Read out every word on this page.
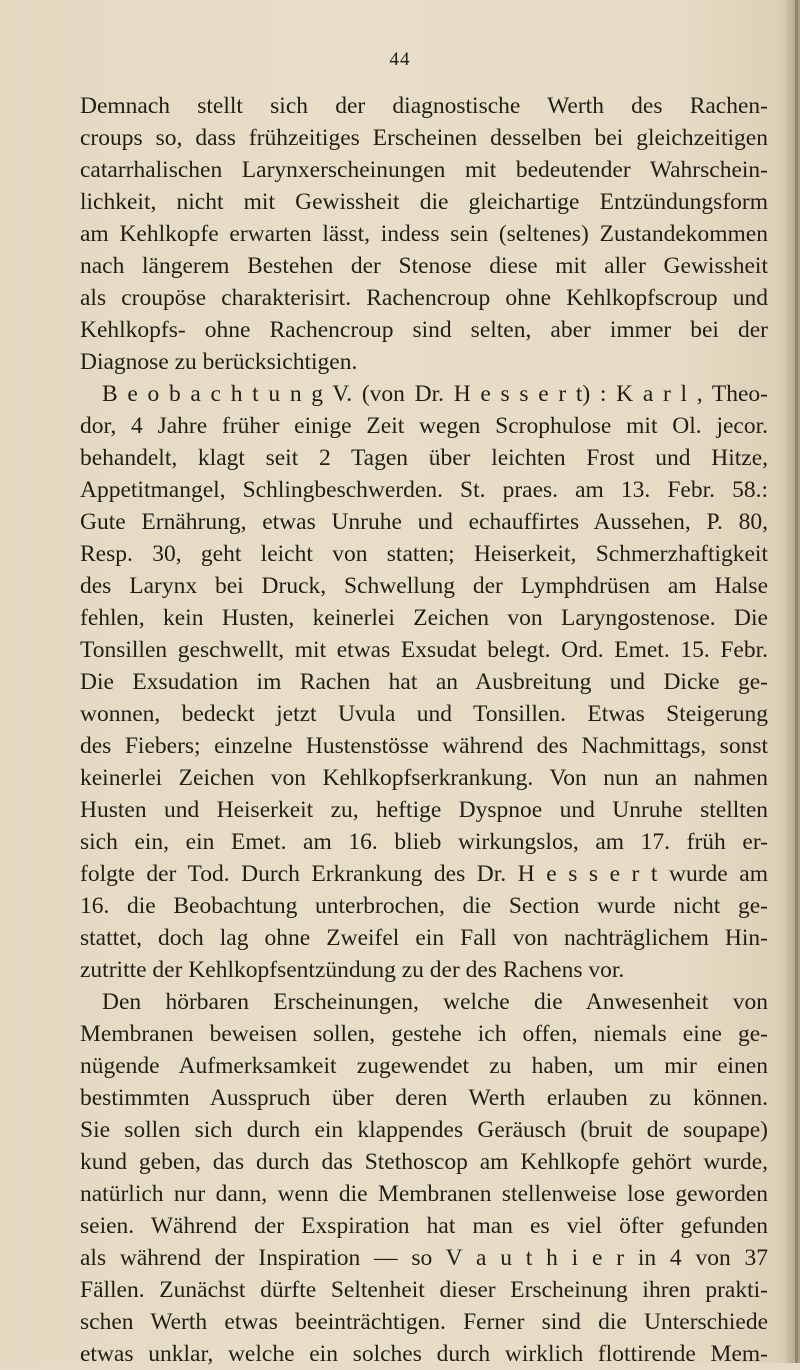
44
Demnach stellt sich der diagnostische Werth des Rachen-
croups so, dass frühzeitiges Erscheinen desselben bei gleichzeitigen
catarrhalischen Larynxerscheinungen mit bedeutender Wahrschein-
lichkeit, nicht mit Gewissheit die gleichartige Entzündungsform
am Kehlkopfe erwarten lässt, indess sein (seltenes) Zustandekommen
nach längerem Bestehen der Stenose diese mit aller Gewissheit
als croupöse charakterisirt. Rachencroup ohne Kehlkopfscroup und
Kehlkopfs- ohne Rachencroup sind selten, aber immer bei der
Diagnose zu berücksichtigen.
B e o b a c h t u n g V. (von Dr. H e s s e r t) : K a r l , Theo-
dor, 4 Jahre früher einige Zeit wegen Scrophulose mit Ol. jecor.
behandelt, klagt seit 2 Tagen über leichten Frost und Hitze,
Appetitmangel, Schlingbeschwerden. St. praes. am 13. Febr. 58.:
Gute Ernährung, etwas Unruhe und echauffirtes Aussehen, P. 80,
Resp. 30, geht leicht von statten; Heiserkeit, Schmerzhaftigkeit
des Larynx bei Druck, Schwellung der Lymphdrüsen am Halse
fehlen, kein Husten, keinerlei Zeichen von Laryngostenose. Die
Tonsillen geschwellt, mit etwas Exsudat belegt. Ord. Emet. 15. Febr.
Die Exsudation im Rachen hat an Ausbreitung und Dicke ge-
wonnen, bedeckt jetzt Uvula und Tonsillen. Etwas Steigerung
des Fiebers; einzelne Hustenstösse während des Nachmittags, sonst
keinerlei Zeichen von Kehlkopfserkrankung. Von nun an nahmen
Husten und Heiserkeit zu, heftige Dyspnoe und Unruhe stellten
sich ein, ein Emet. am 16. blieb wirkungslos, am 17. früh er-
folgte der Tod. Durch Erkrankung des Dr. H e s s e r t wurde am
16. die Beobachtung unterbrochen, die Section wurde nicht ge-
stattet, doch lag ohne Zweifel ein Fall von nachträglichem Hin-
zutritte der Kehlkopfsentzündung zu der des Rachens vor.
Den hörbaren Erscheinungen, welche die Anwesenheit von
Membranen beweisen sollen, gestehe ich offen, niemals eine ge-
nügende Aufmerksamkeit zugewendet zu haben, um mir einen
bestimmten Ausspruch über deren Werth erlauben zu können.
Sie sollen sich durch ein klappendes Geräusch (bruit de soupape)
kund geben, das durch das Stethoscop am Kehlkopfe gehört wurde,
natürlich nur dann, wenn die Membranen stellenweise lose geworden
seien. Während der Exspiration hat man es viel öfter gefunden
als während der Inspiration — so V a u t h i e r in 4 von 37
Fällen. Zunächst dürfte Seltenheit dieser Erscheinung ihren prakti-
schen Werth etwas beeinträchtigen. Ferner sind die Unterschiede
etwas unklar, welche ein solches durch wirklich flottirende Mem-
